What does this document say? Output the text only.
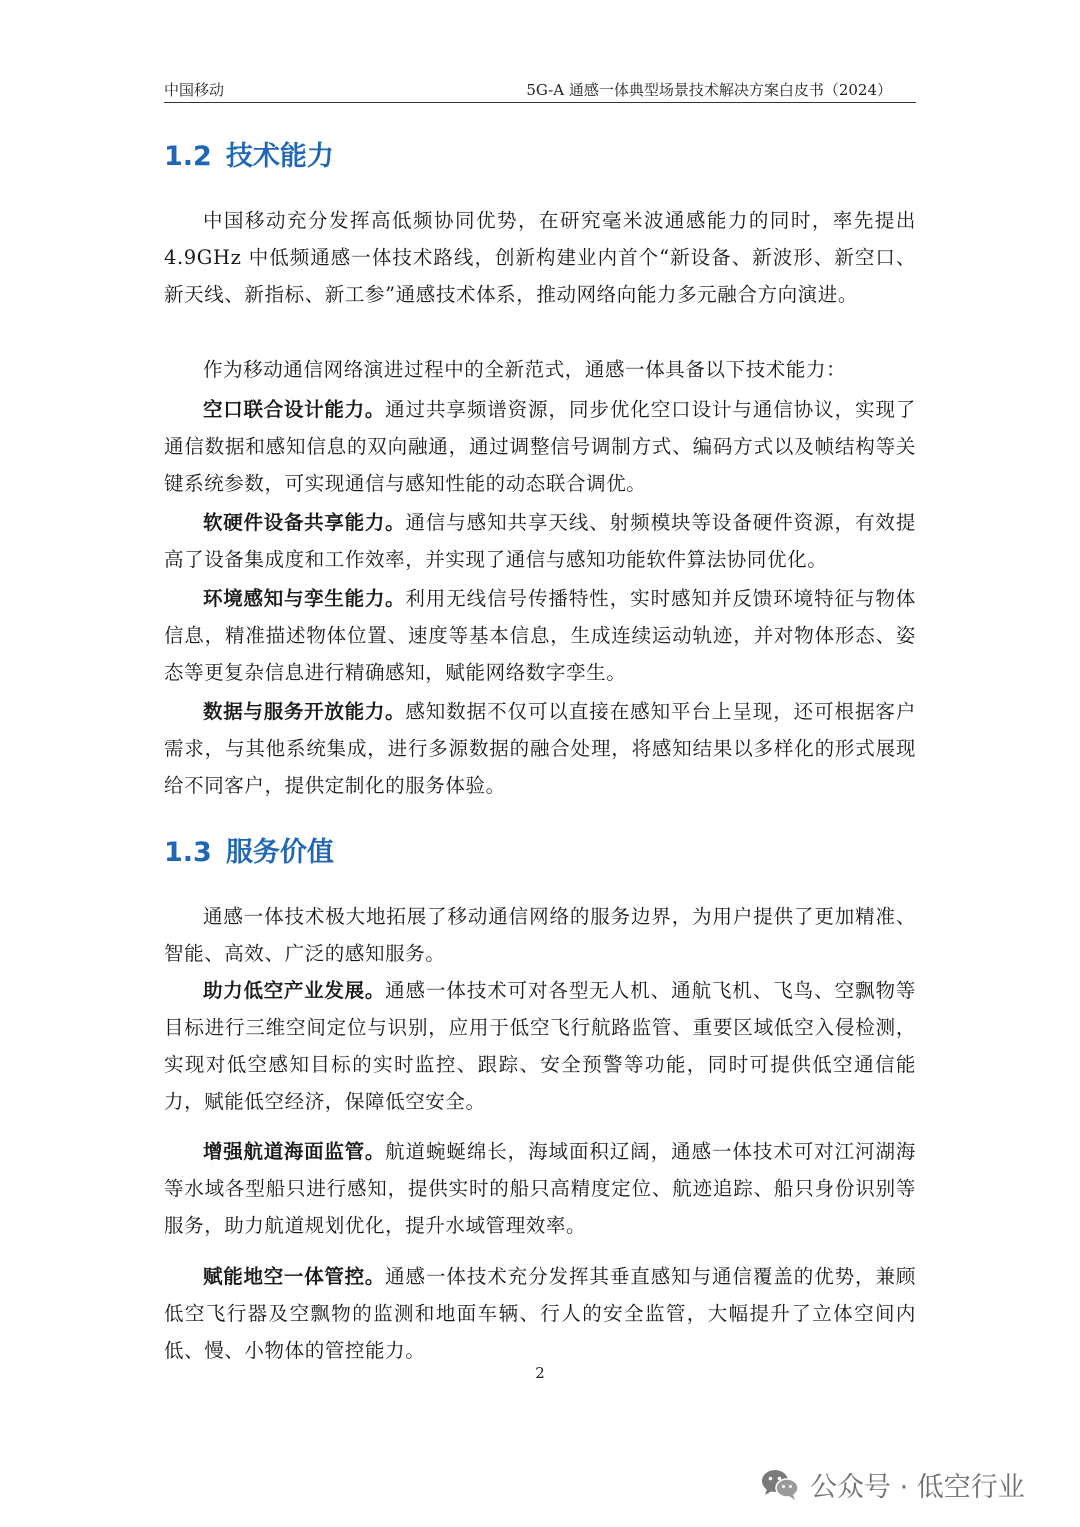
中国移动	5G-A 通感一体典型场景技术解决方案白皮书（2024）
1.2 技术能力

中国移动充分发挥高低频协同优势，在研究毫米波通感能力的同时，率先提出 4.9GHz 中低频通感一体技术路线，创新构建业内首个“新设备、新波形、新空口、新天线、新指标、新工参”通感技术体系，推动网络向能力多元融合方向演进。

作为移动通信网络演进过程中的全新范式，通感一体具备以下技术能力：

空口联合设计能力。通过共享频谱资源，同步优化空口设计与通信协议，实现了通信数据和感知信息的双向融通，通过调整信号调制方式、编码方式以及帧结构等关键系统参数，可实现通信与感知性能的动态联合调优。

软硬件设备共享能力。通信与感知共享天线、射频模块等设备硬件资源，有效提高了设备集成度和工作效率，并实现了通信与感知功能软件算法协同优化。

环境感知与孪生能力。利用无线信号传播特性，实时感知并反馈环境特征与物体信息，精准描述物体位置、速度等基本信息，生成连续运动轨迹，并对物体形态、姿态等更复杂信息进行精确感知，赋能网络数字孪生。

数据与服务开放能力。感知数据不仅可以直接在感知平台上呈现，还可根据客户需求，与其他系统集成，进行多源数据的融合处理，将感知结果以多样化的形式展现给不同客户，提供定制化的服务体验。

1.3 服务价值

通感一体技术极大地拓展了移动通信网络的服务边界，为用户提供了更加精准、智能、高效、广泛的感知服务。

助力低空产业发展。通感一体技术可对各型无人机、通航飞机、飞鸟、空飘物等目标进行三维空间定位与识别，应用于低空飞行航路监管、重要区域低空入侵检测，实现对低空感知目标的实时监控、跟踪、安全预警等功能，同时可提供低空通信能力，赋能低空经济，保障低空安全。

增强航道海面监管。航道蜿蜒绵长，海域面积辽阔，通感一体技术可对江河湖海等水域各型船只进行感知，提供实时的船只高精度定位、航迹追踪、船只身份识别等服务，助力航道规划优化，提升水域管理效率。

赋能地空一体管控。通感一体技术充分发挥其垂直感知与通信覆盖的优势，兼顾低空飞行器及空飘物的监测和地面车辆、行人的安全监管，大幅提升了立体空间内低、慢、小物体的管控能力。

2
公众号 · 低空行业
